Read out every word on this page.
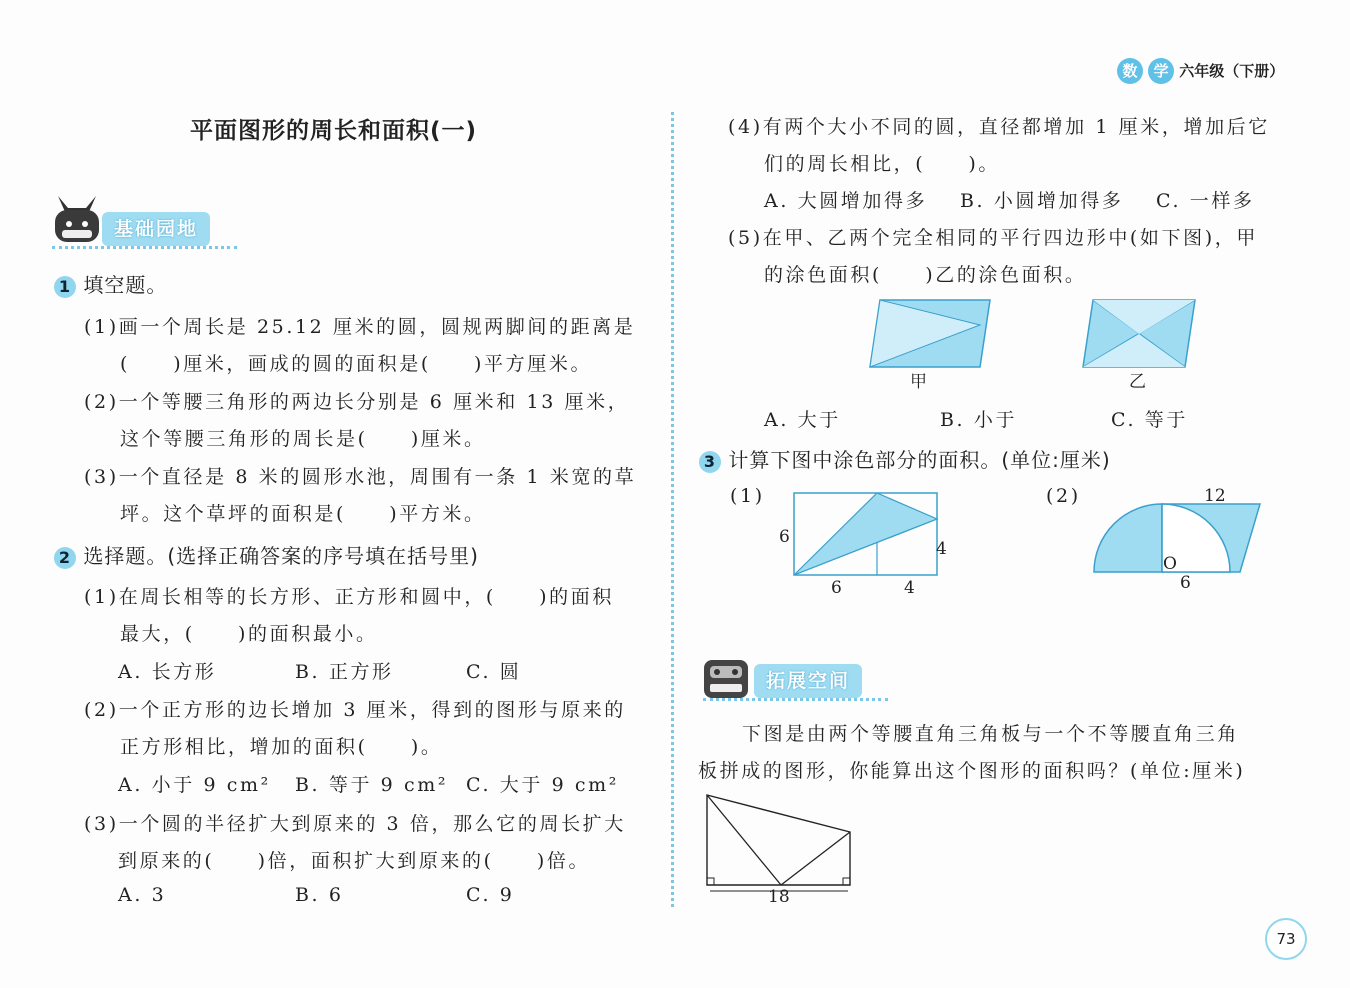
数 学 六年级（下册）
平面图形的周长和面积(一)
基础园地
1 填空题。
(1)画一个周长是 25.12 厘米的圆，圆规两脚间的距离是
(　　)厘米，画成的圆的面积是(　　)平方厘米。
(2)一个等腰三角形的两边长分别是 6 厘米和 13 厘米，
这个等腰三角形的周长是(　　)厘米。
(3)一个直径是 8 米的圆形水池，周围有一条 1 米宽的草
坪。这个草坪的面积是(　　)平方米。
2 选择题。(选择正确答案的序号填在括号里)
(1)在周长相等的长方形、正方形和圆中，(　　)的面积
最大，(　　)的面积最小。
A. 长方形	B. 正方形	C. 圆
(2)一个正方形的边长增加 3 厘米，得到的图形与原来的
正方形相比，增加的面积(　　)。
A. 小于 9 cm² B. 等于 9 cm² C. 大于 9 cm²
(3)一个圆的半径扩大到原来的 3 倍，那么它的周长扩大
到原来的(　　)倍，面积扩大到原来的(　　)倍。
A. 3	B. 6	C. 9
(4)有两个大小不同的圆，直径都增加 1 厘米，增加后它
们的周长相比，(　　)。
A. 大圆增加得多 B. 小圆增加得多 C. 一样多
(5)在甲、乙两个完全相同的平行四边形中(如下图)，甲
的涂色面积(　　)乙的涂色面积。
甲	乙
A. 大于	B. 小于	C. 等于
3 计算下图中涂色部分的面积。(单位:厘米)
(1)
6
4
6	4
(2)	12
O
6
拓展空间
下图是由两个等腰直角三角板与一个不等腰直角三角
板拼成的图形，你能算出这个图形的面积吗？(单位:厘米)
18
73
